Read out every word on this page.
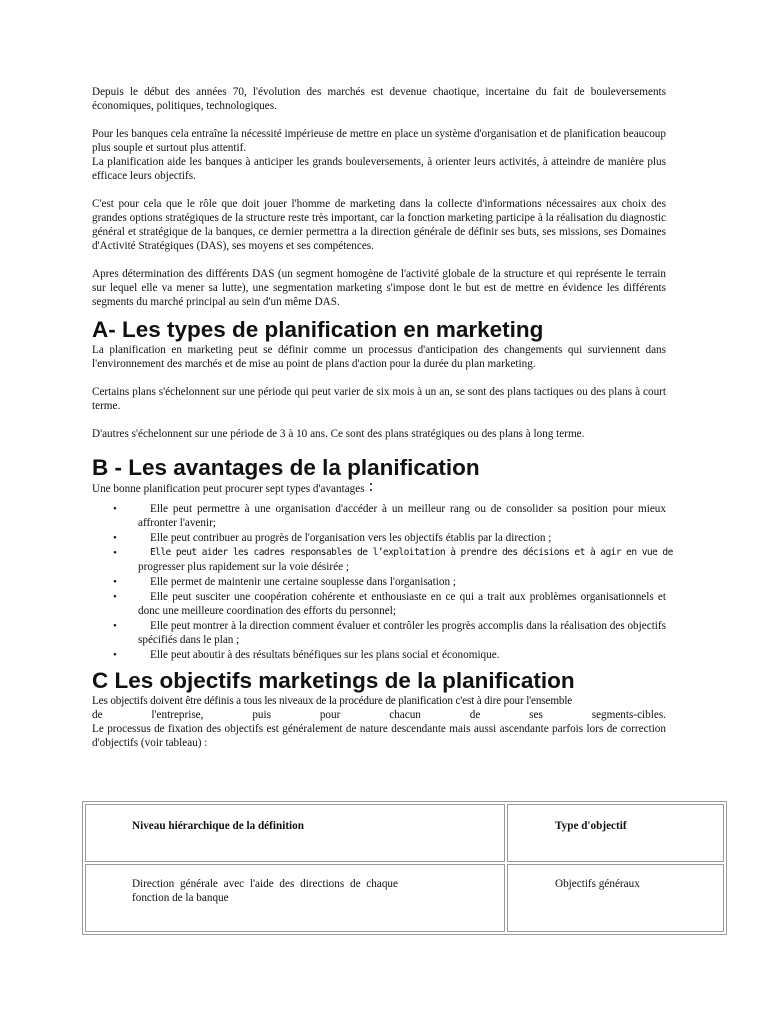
Depuis le début des années 70, l'évolution des marchés est devenue chaotique, incertaine du fait de bouleversements économiques, politiques, technologiques.

Pour les banques cela entraîne la nécessité impérieuse de mettre en place un système d'organisation et de planification beaucoup plus souple et surtout plus attentif.

La planification aide les banques à anticiper les grands bouleversements, à orienter leurs activités, à atteindre de manière plus efficace leurs objectifs.

C'est pour cela que le rôle que doit jouer l'homme de marketing dans la collecte d'informations nécessaires aux choix des grandes options stratégiques de la structure reste très important, car la fonction marketing participe à la réalisation du diagnostic général et stratégique de la banques, ce dernier permettra a la direction générale de définir ses buts, ses missions, ses Domaines d'Activité Stratégiques (DAS), ses moyens et ses compétences.

Apres détermination des différents DAS (un segment homogène de l'activité globale de la structure et qui représente le terrain sur lequel elle va mener sa lutte), une segmentation marketing s'impose dont le but est de mettre en évidence les différents segments du marché principal au sein d'un même DAS.

A- Les types de planification en marketing

La planification en marketing peut se définir comme un processus d'anticipation des changements qui surviennent dans l'environnement des marchés et de mise au point de plans d'action pour la durée du plan marketing.

Certains plans s'échelonnent sur une période qui peut varier de six mois à un an, se sont des plans tactiques ou des plans à court terme.

D'autres s'échelonnent sur une période de 3 à 10 ans. Ce sont des plans stratégiques ou des plans à long terme.

B - Les avantages de la planification

Une bonne planification peut procurer sept types d'avantages :

•	Elle peut permettre à une organisation d'accéder à un meilleur rang ou de consolider sa position pour mieux affronter l'avenir;
•	Elle peut contribuer au progrès de l'organisation vers les objectifs établis par la direction ;
•	Elle peut aider les cadres responsables de l’exploitation à prendre des décisions et à agir en vue de
progresser plus rapidement sur la voie désirée ;
•	Elle permet de maintenir une certaine souplesse dans l'organisation ;
•	Elle peut susciter une coopération cohérente et enthousiaste en ce qui a trait aux problèmes organisationnels et donc une meilleure coordination des efforts du personnel;
•	Elle peut montrer à la direction comment évaluer et contrôler les progrès accomplis dans la réalisation des objectifs spécifiés dans le plan ;
•	Elle peut aboutir à des résultats bénéfiques sur les plans social et économique.
C Les objectifs marketings de la planification

Les objectifs doivent être définis a tous les niveaux de la procédure de planification c'est à dire pour l'ensemble

de	l'entreprise,	puis	pour	chacun	de	ses	segments-cibles.

Le processus de fixation des objectifs est généralement de nature descendante mais aussi ascendante parfois lors de correction d'objectifs (voir tableau) :

Niveau hiérarchique de la définition	Type d'objectif

Direction générale avec l'aide des directions de chaque fonction de la banque	Objectifs généraux
